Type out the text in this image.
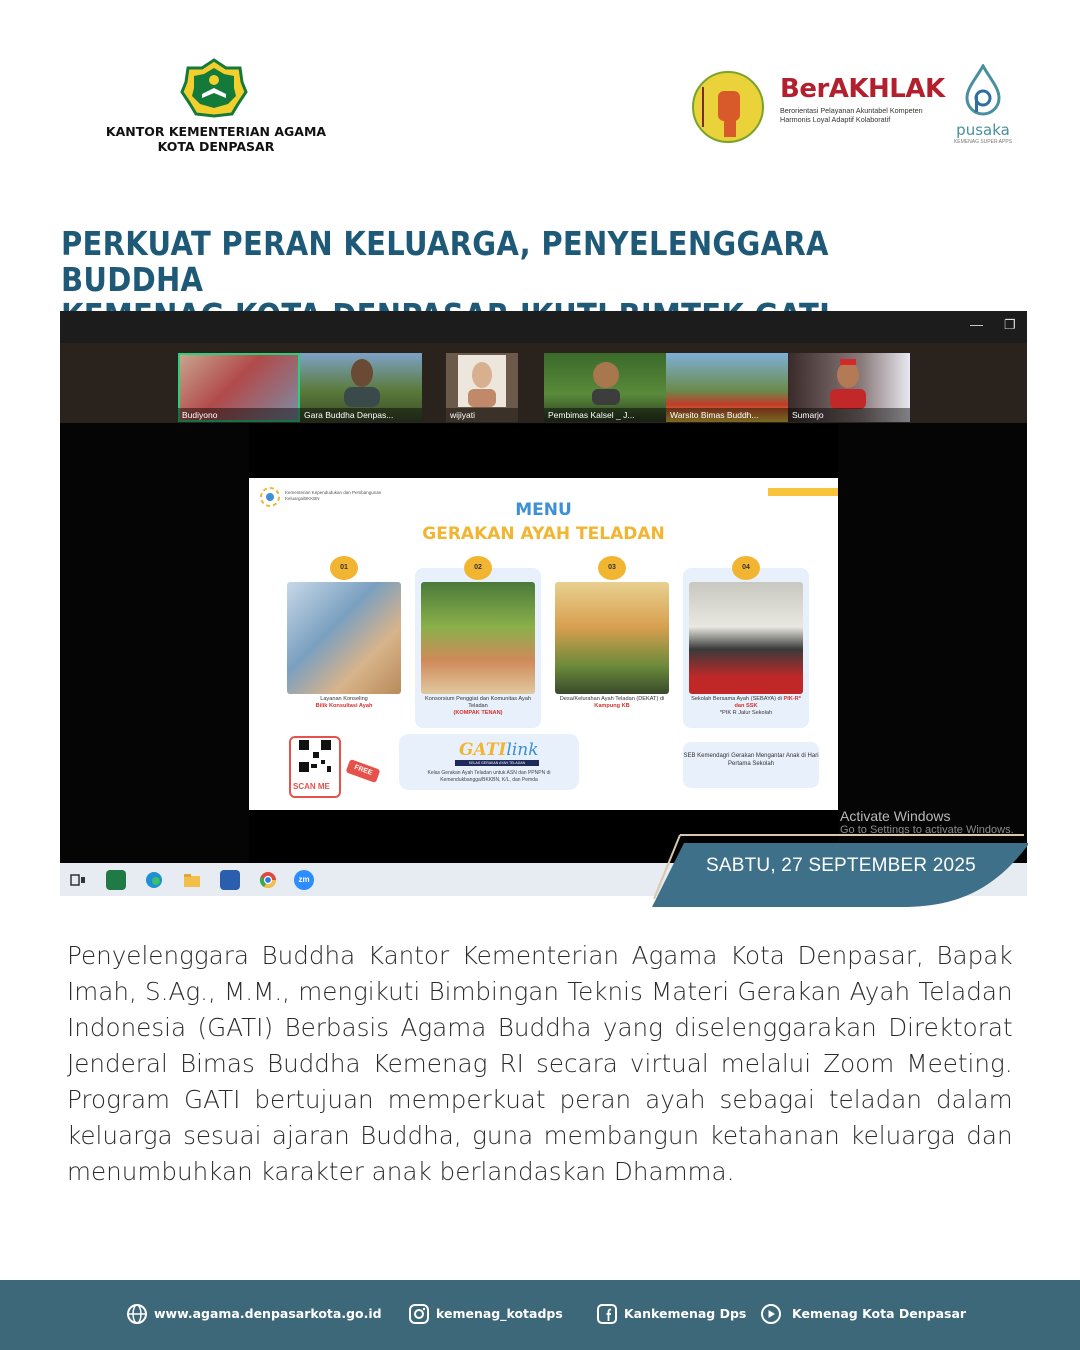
KANTOR KEMENTERIAN AGAMA
KOTA DENPASAR
BerAKHLAK
Berorientasi Pelayanan Akuntabel Kompeten
Harmonis Loyal Adaptif Kolaboratif
pusaka
KEMENAG SUPER APPS
PERKUAT PERAN KELUARGA, PENYELENGGARA BUDDHA
— ❐
Budiyono	Gara Buddha Denpas...	wijiyati	Pembimas Kalsel _ J...	Warsito Bimas Buddh...	Sumarjo
Kementerian Kependudukan dan Pembangunan Keluarga/BKKBN
MENU
GERAKAN AYAH TELADAN
01
Layanan Konseling
Bilik Konsultasi Ayah
02
Konsorsium Penggiat dan Komunitas Ayah Teladan
(KOMPAK TENAN)
03
Desa/Kelurahan Ayah Teladan (DEKAT) di Kampung KB
04
Sekolah Bersama Ayah (SEBAYA) di PIK-R* dan SSK
*PIK R Jalur Sekolah
SCAN ME
FREE
GATIlink
KELAS GERAKAN AYAH TELADAN
Kelas Gerakan Ayah Teladan untuk ASN dan PPNPN di Kemendukbangga/BKKBN, K/L, dan Pemda
SEB Kemendagri Gerakan Mengantar Anak di Hari Pertama Sekolah
Activate Windows
Go to Settings to activate Windows.
zm
SABTU, 27 SEPTEMBER 2025
Penyelenggara Buddha Kantor Kementerian Agama Kota Denpasar, Bapak Imah, S.Ag., M.M., mengikuti Bimbingan Teknis Materi Gerakan Ayah Teladan Indonesia (GATI) Berbasis Agama Buddha yang diselenggarakan Direktorat Jenderal Bimas Buddha Kemenag RI secara virtual melalui Zoom Meeting. Program GATI bertujuan memperkuat peran ayah sebagai teladan dalam keluarga sesuai ajaran Buddha, guna membangun ketahanan keluarga dan menumbuhkan karakter anak berlandaskan Dhamma.
www.agama.denpasarkota.go.id	kemenag_kotadps	Kankemenag Dps	Kemenag Kota Denpasar
